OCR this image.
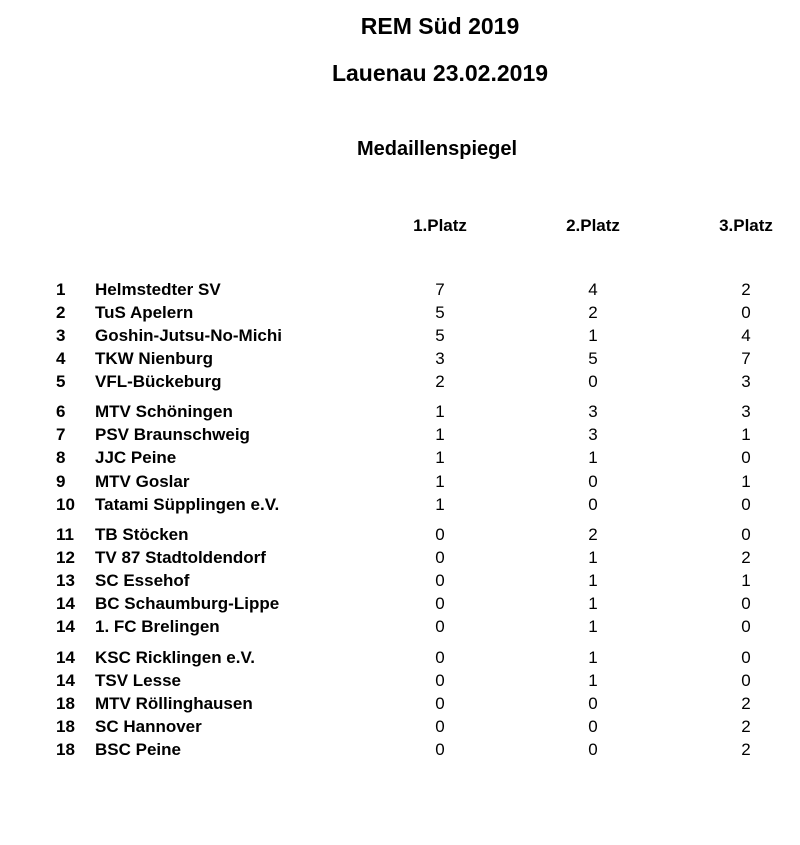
REM Süd 2019
Lauenau 23.02.2019
Medaillenspiegel
1.Platz	2.Platz	3.Platz
1 Helmstedter SV	7	4	2
2 TuS Apelern	5	2	0
3 Goshin-Jutsu-No-Michi	5	1	4
4 TKW Nienburg	3	5	7
5 VFL-Bückeburg	2	0	3
6 MTV Schöningen	1	3	3
7 PSV Braunschweig	1	3	1
8 JJC Peine	1	1	0
9 MTV Goslar	1	0	1
10 Tatami Süpplingen e.V.	1	0	0
11 TB Stöcken	0	2	0
12 TV 87 Stadtoldendorf	0	1	2
13 SC Essehof	0	1	1
14 BC Schaumburg-Lippe	0	1	0
14 1. FC Brelingen	0	1	0
14 KSC Ricklingen e.V.	0	1	0
14 TSV Lesse	0	1	0
18 MTV Röllinghausen	0	0	2
18 SC Hannover	0	0	2
18 BSC Peine	0	0	2
